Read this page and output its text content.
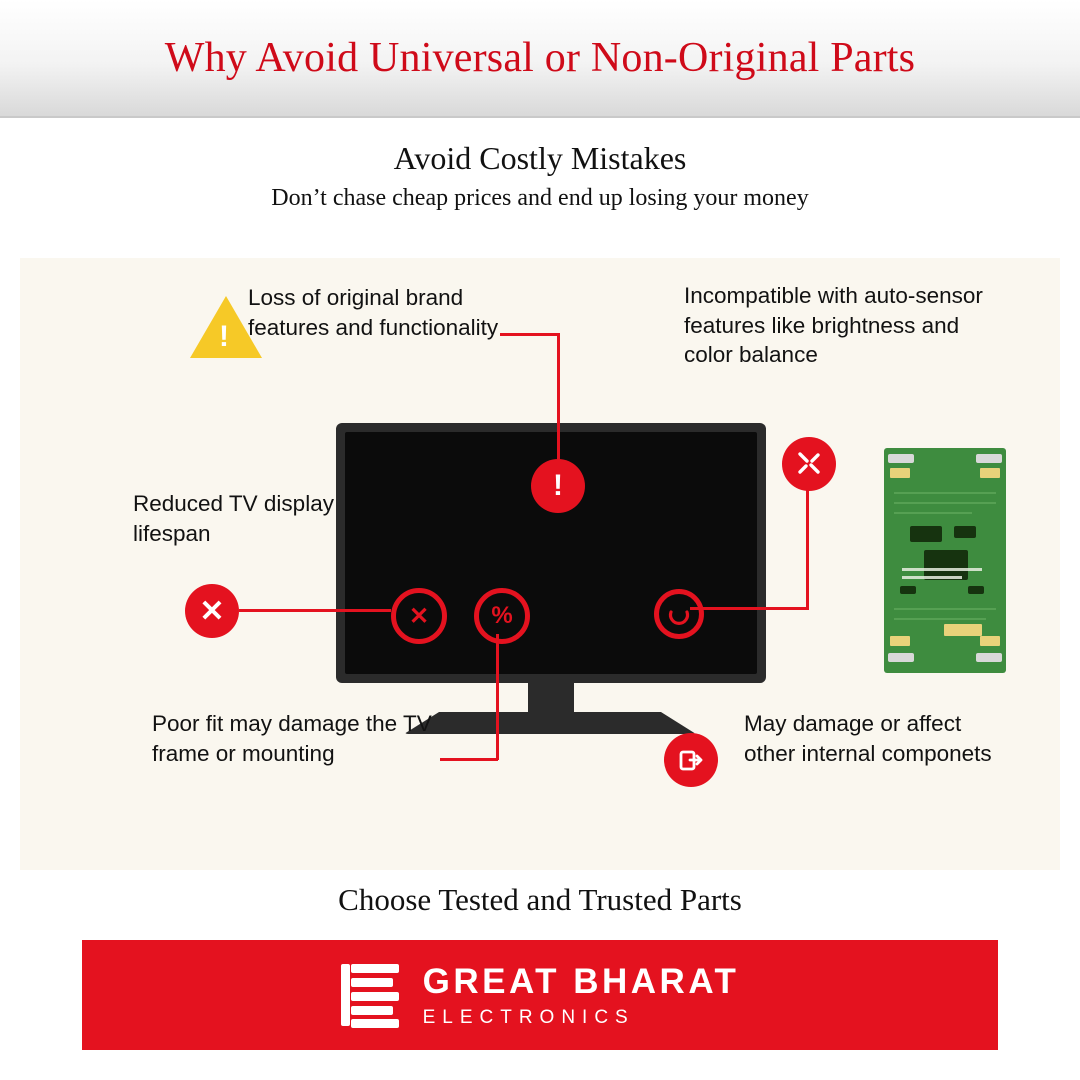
Why Avoid Universal or Non-Original Parts
Avoid Costly Mistakes
Don’t chase cheap prices and end up losing your money
!
Loss of original brand features and functionality
!
Incompatible with auto-sensor features like brightness and color balance
Reduced TV display lifespan
✕	✕	%
Poor fit may damage the TV frame or mounting
May damage or affect other internal componets
Choose Tested and Trusted Parts
GREAT BHARAT
ELECTRONICS
